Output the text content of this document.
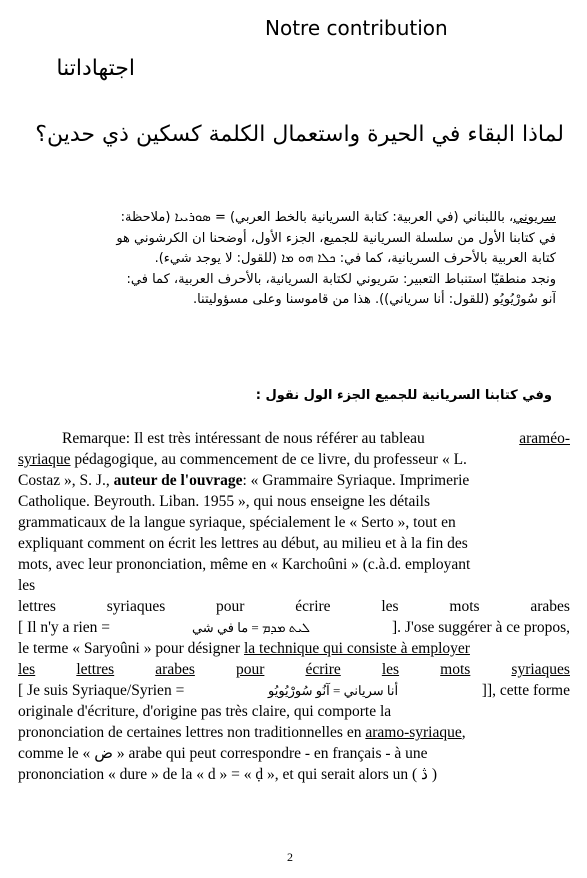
Notre contribution
اجتهاداتنا
لماذا البقاء في الحيرة واستعمال الكلمة كسكين ذي حدين؟
سريوني، باللبناني (في العربية: كتابة السريانية بالخط العربي) = ܣܘܪܝܝܐ (ملاحظة:
في كتابنا الأول من سلسلة السريانية للجميع، الجزء الأول، أوضحنا ان الكرشوني هو
كتابة العربية بالأحرف السريانية، كما في: ܟܠܐ ܗܘ ܡܐ (للقول: لا يوجد شيء).
ونجد منطقيّا استنباط التعبير: سَريوني لكتابة السريانية، بالأحرف العربية، كما في:
آنو سُورْيُويُو (للقول: أنا سرياني)). هذا من قاموسنا وعلى مسؤوليتنا.
وفي كتابنا السريانية للجميع الجزء الول نقول :
Remarque: Il est très intéressant de nous référer au tableau	araméo-
syriaque pédagogique, au commencement de ce livre, du professeur « L.
Costaz », S. J., auteur de l'ouvrage: « Grammaire Syriaque. Imprimerie
Catholique. Beyrouth. Liban. 1955 », qui nous enseigne les détails
grammaticaux de la langue syriaque, spécialement le « Serto », tout en
expliquant comment on écrit les lettres au début, au milieu et à la fin des
mots, avec leur prononciation, même en « Karchoûni » (c.à.d. employant
les
lettres	syriaques	pour	écrire	les	mots	arabes
[ Il n'y a rien =	ܠܝܬ ܡܕܡ = ما في شي	]. J'ose suggérer à ce propos,
le terme « Saryoûni » pour désigner la technique qui consiste à employer
les	lettres	arabes	pour	écrire	les	mots	syriaques
[ Je suis Syriaque/Syrien =	أنا سرياني = آنُو سُورْيُويُو	]], cette forme
originale d'écriture, d'origine pas très claire, qui comporte la
prononciation de certaines lettres non traditionnelles en aramo-syriaque,
comme le « ض » arabe qui peut correspondre - en français - à une
prononciation « dure » de la « d » = « ḍ », et qui serait alors un ( ڎ )
2
